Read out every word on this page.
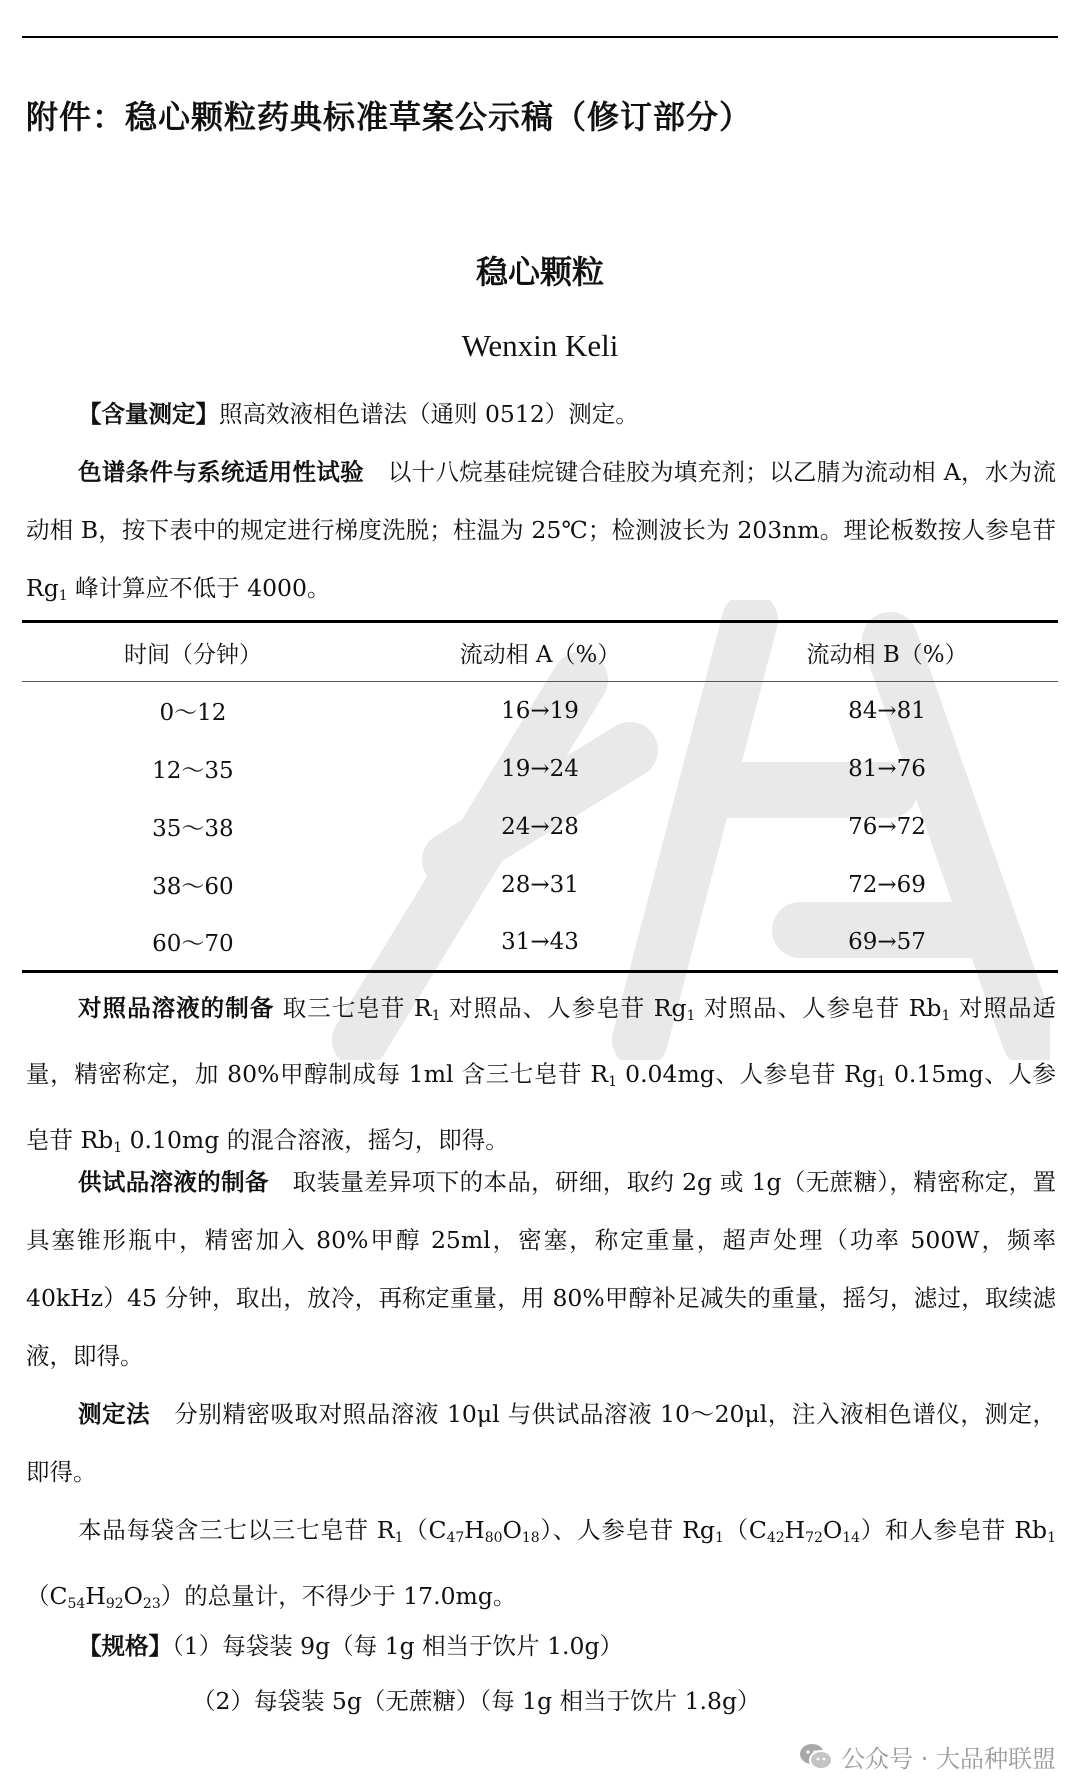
附件：稳心颗粒药典标准草案公示稿（修订部分）
稳心颗粒
Wenxin Keli
【含量测定】照高效液相色谱法（通则 0512）测定。
色谱条件与系统适用性试验　 以十八烷基硅烷键合硅胶为填充剂；以乙腈为流动相 A，水为流动相 B，按下表中的规定进行梯度洗脱；柱温为 25℃；检测波长为 203nm。理论板数按人参皂苷 $Rg_1$ 峰计算应不低于 4000。
时间（分钟）	流动相 A（%）	流动相 B（%）
0～12	16→19	84→81
12～35	19→24	81→76
35～38	24→28	76→72
38～60	28→31	72→69
60～70	31→43	69→57
对照品溶液的制备 取三七皂苷 $R_1$ 对照品、人参皂苷 $Rg_1$ 对照品、人参皂苷 $Rb_1$ 对照品适量，精密称定，加 80%甲醇制成每 1ml 含三七皂苷 $R_1$ 0.04mg、人参皂苷 $Rg_1$ 0.15mg、人参皂苷 $Rb_1$ 0.10mg 的混合溶液，摇匀，即得。
供试品溶液的制备　 取装量差异项下的本品，研细，取约 2g 或 1g（无蔗糖），精密称定，置具塞锥形瓶中，精密加入 80%甲醇 25ml，密塞，称定重量，超声处理（功率 500W，频率 40kHz）45 分钟，取出，放冷，再称定重量，用 80%甲醇补足减失的重量，摇匀，滤过，取续滤液，即得。
测定法　 分别精密吸取对照品溶液 10μl 与供试品溶液 10～20μl，注入液相色谱仪，测定，即得。
本品每袋含三七以三七皂苷 $R_1(C_{47}H_{80}O_{18})$、人参皂苷 $Rg_1(C_{42}H_{72}O_{14})$和人参皂苷 $Rb_1(C_{54}H_{92}O_{23})$的总量计，不得少于 17.0mg。
【规格】（1）每袋装 9g（每 1g 相当于饮片 1.0g）
（2）每袋装 5g（无蔗糖）（每 1g 相当于饮片 1.8g）
公众号 · 大品种联盟
